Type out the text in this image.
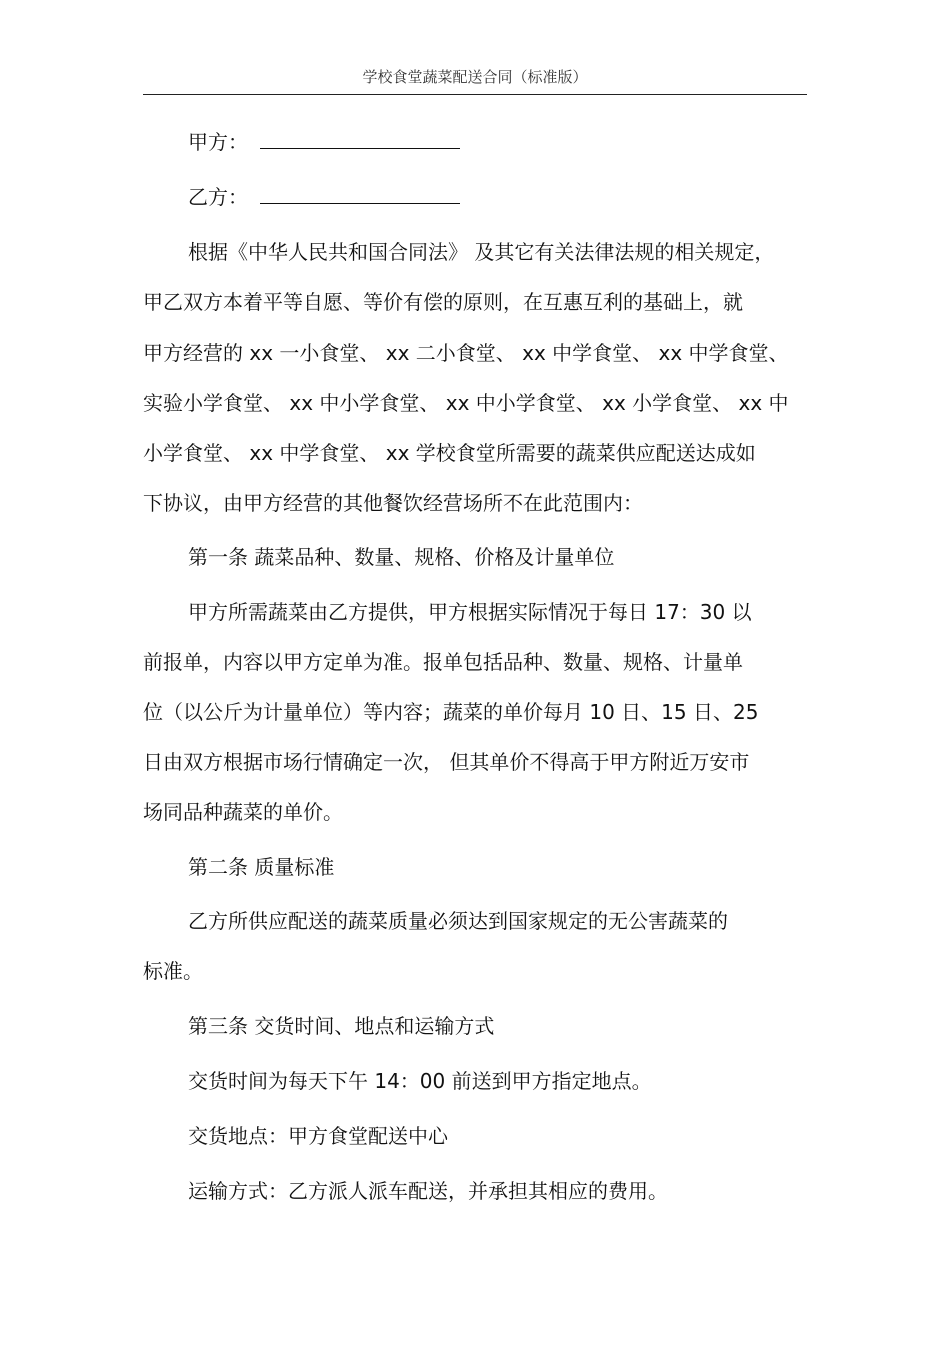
学校食堂蔬菜配送合同（标准版）
甲方：
乙方：
根据《中华人民共和国合同法》 及其它有关法律法规的相关规定，
甲乙双方本着平等自愿、等价有偿的原则，在互惠互利的基础上，就
甲方经营的 xx 一小食堂、 xx 二小食堂、 xx 中学食堂、 xx 中学食堂、
实验小学食堂、 xx 中小学食堂、 xx 中小学食堂、 xx 小学食堂、 xx 中
小学食堂、 xx 中学食堂、 xx 学校食堂所需要的蔬菜供应配送达成如
下协议，由甲方经营的其他餐饮经营场所不在此范围内：
第一条 蔬菜品种、数量、规格、价格及计量单位
甲方所需蔬菜由乙方提供，甲方根据实际情况于每日 17：30 以
前报单，内容以甲方定单为准。报单包括品种、数量、规格、计量单
位（以公斤为计量单位）等内容；蔬菜的单价每月 10 日、15 日、25
日由双方根据市场行情确定一次， 但其单价不得高于甲方附近万安市
场同品种蔬菜的单价。
第二条 质量标准
乙方所供应配送的蔬菜质量必须达到国家规定的无公害蔬菜的
标准。
第三条 交货时间、地点和运输方式
交货时间为每天下午 14：00 前送到甲方指定地点。
交货地点：甲方食堂配送中心
运输方式：乙方派人派车配送，并承担其相应的费用。
